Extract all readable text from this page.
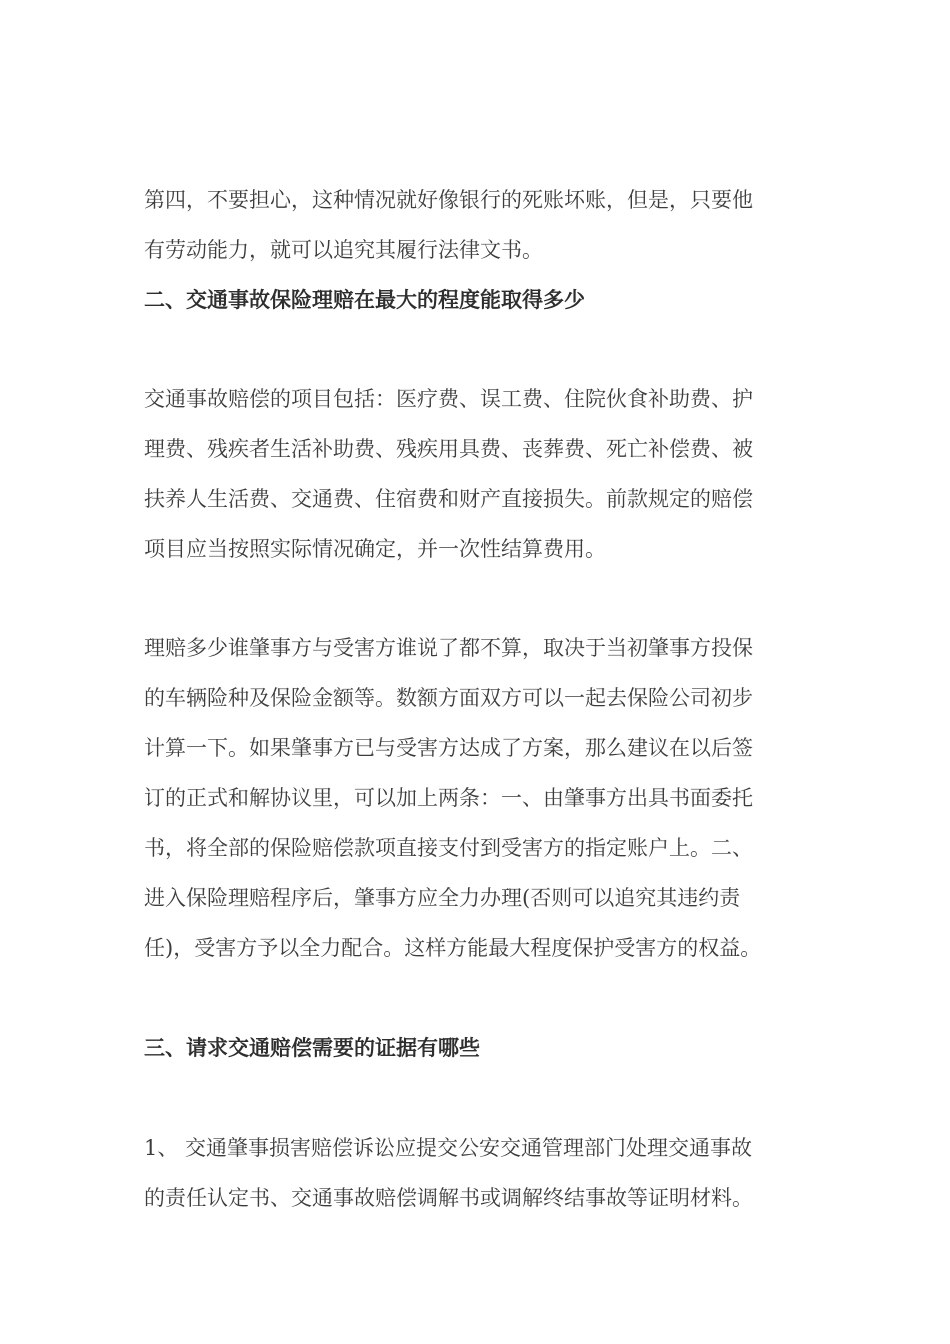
第四，不要担心，这种情况就好像银行的死账坏账，但是，只要他
有劳动能力，就可以追究其履行法律文书。
二、交通事故保险理赔在最大的程度能取得多少
交通事故赔偿的项目包括：医疗费、误工费、住院伙食补助费、护
理费、残疾者生活补助费、残疾用具费、丧葬费、死亡补偿费、被
扶养人生活费、交通费、住宿费和财产直接损失。前款规定的赔偿
项目应当按照实际情况确定，并一次性结算费用。
理赔多少谁肇事方与受害方谁说了都不算，取决于当初肇事方投保
的车辆险种及保险金额等。数额方面双方可以一起去保险公司初步
计算一下。如果肇事方已与受害方达成了方案，那么建议在以后签
订的正式和解协议里，可以加上两条：一、由肇事方出具书面委托
书，将全部的保险赔偿款项直接支付到受害方的指定账户上。二、
进入保险理赔程序后，肇事方应全力办理(否则可以追究其违约责
任)，受害方予以全力配合。这样方能最大程度保护受害方的权益。
三、请求交通赔偿需要的证据有哪些
1、 交通肇事损害赔偿诉讼应提交公安交通管理部门处理交通事故
的责任认定书、交通事故赔偿调解书或调解终结事故等证明材料。
